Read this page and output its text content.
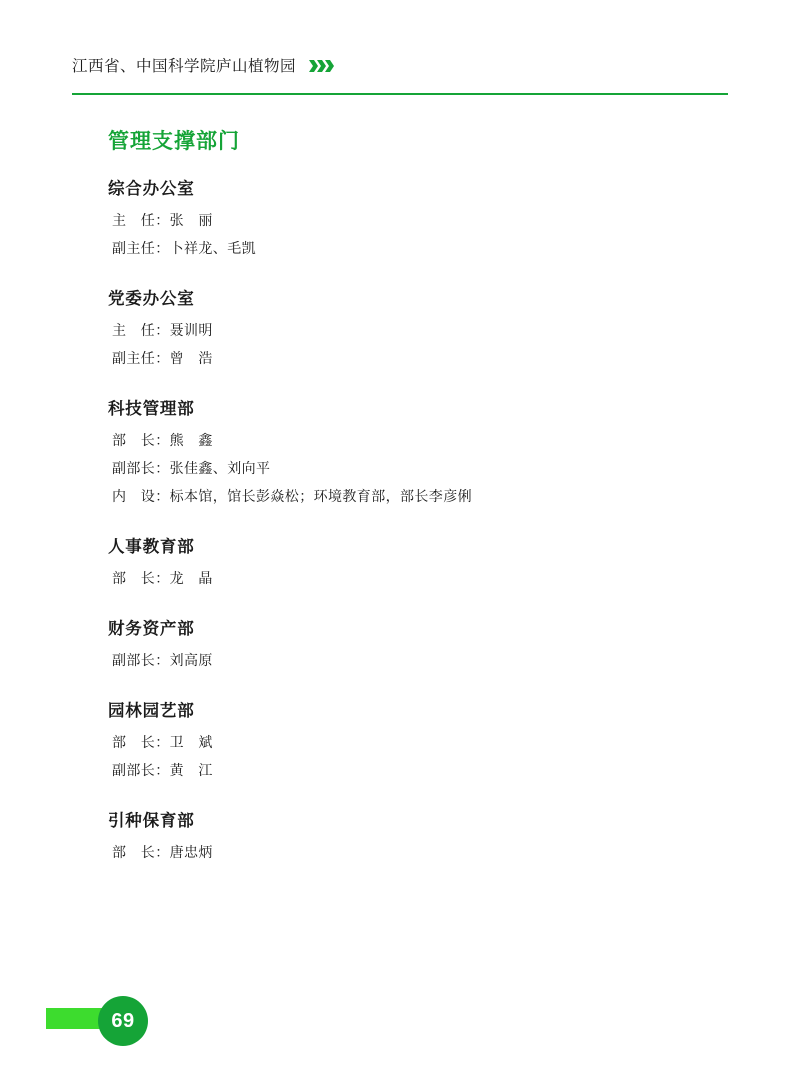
江西省、中国科学院庐山植物园
管理支撑部门
综合办公室
主　任：张　丽
副主任：卜祥龙、毛凯
党委办公室
主　任：聂训明
副主任：曾　浩
科技管理部
部　长：熊　鑫
副部长：张佳鑫、刘向平
内　设：标本馆，馆长彭焱松；环境教育部，部长李彦俐
人事教育部
部　长：龙　晶
财务资产部
副部长：刘高原
园林园艺部
部　长：卫　斌
副部长：黄　江
引种保育部
部　长：唐忠炳
69
